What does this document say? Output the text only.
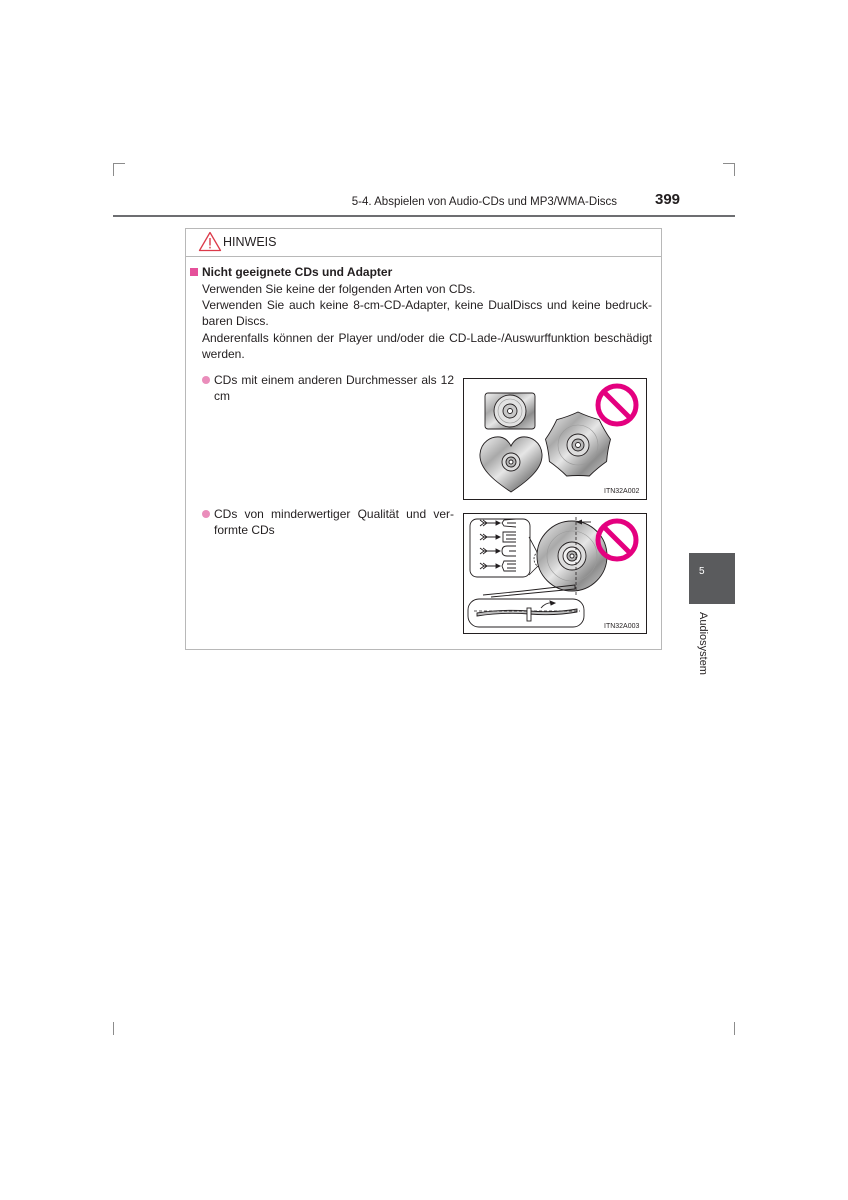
5-4. Abspielen von Audio-CDs und MP3/WMA-Discs	399
HINWEIS
Nicht geeignete CDs und Adapter
Verwenden Sie keine der folgenden Arten von CDs.
Verwenden Sie auch keine 8-cm-CD-Adapter, keine DualDiscs und keine bedruck-
baren Discs.
Anderenfalls können der Player und/oder die CD-Lade-/Auswurffunktion beschädigt
werden.
CDs mit einem anderen Durchmesser als 12
cm
ITN32A002
CDs von minderwertiger Qualität und ver-
formte CDs
ITN32A003
5
Audiosystem
